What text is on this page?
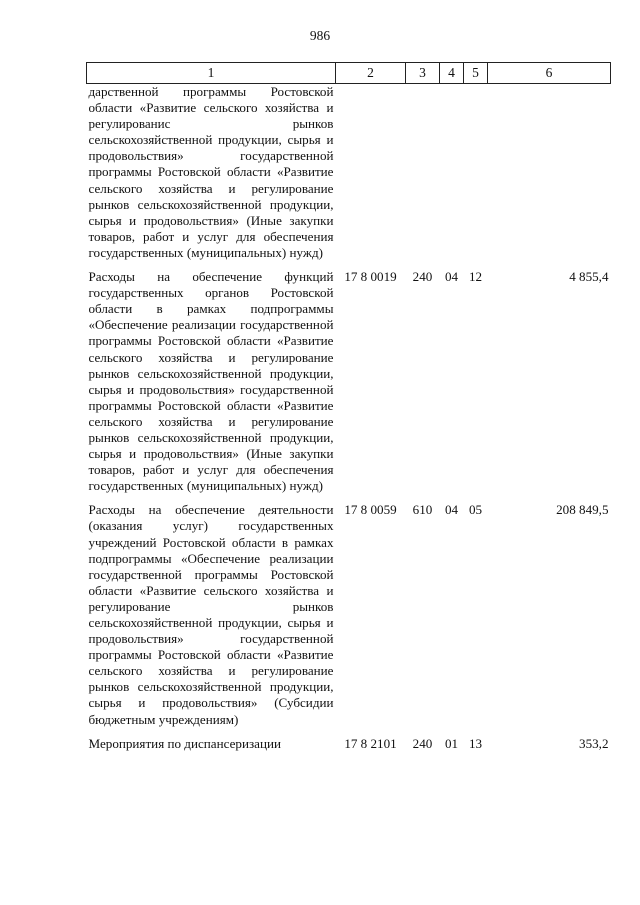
986
1	2	3	4	5	6
дарственной программы Ростовской области «Развитие сельского хозяйства и регулированис рынков сельскохозяйственной продукции, сырья и продовольствия» государственной программы Ростовской области «Развитие сельского хозяйства и регулирование рынков сельскохозяйственной продукции, сырья и продовольствия» (Иные закупки товаров, работ и услуг для обеспечения государственных (муниципальных) нужд)					

Расходы на обеспечение функций государственных органов Ростовской области в рамках подпрограммы «Обеспечение реализации государственной программы Ростовской области «Развитие сельского хозяйства и регулирование рынков сельскохозяйственной продукции, сырья и продовольствия» государственной программы Ростовской области «Развитие сельского хозяйства и регулирование рынков сельскохозяйственной продукции, сырья и продовольствия» (Иные закупки товаров, работ и услуг для обеспечения государственных (муниципальных) нужд)	17 8 0019	240	04	12	4 855,4

Расходы на обеспечение деятельности (оказания услуг) государственных учреждений Ростовской области в рамках подпрограммы «Обеспечение реализации государственной программы Ростовской области «Развитие сельского хозяйства и регулирование рынков сельскохозяйственной продукции, сырья и продовольствия» государственной программы Ростовской области «Развитие сельского хозяйства и регулирование рынков сельскохозяйственной продукции, сырья и продовольствия» (Субсидии бюджетным учреждениям)	17 8 0059	610	04	05	208 849,5

Мероприятия по диспансеризации	17 8 2101	240	01	13	353,2
